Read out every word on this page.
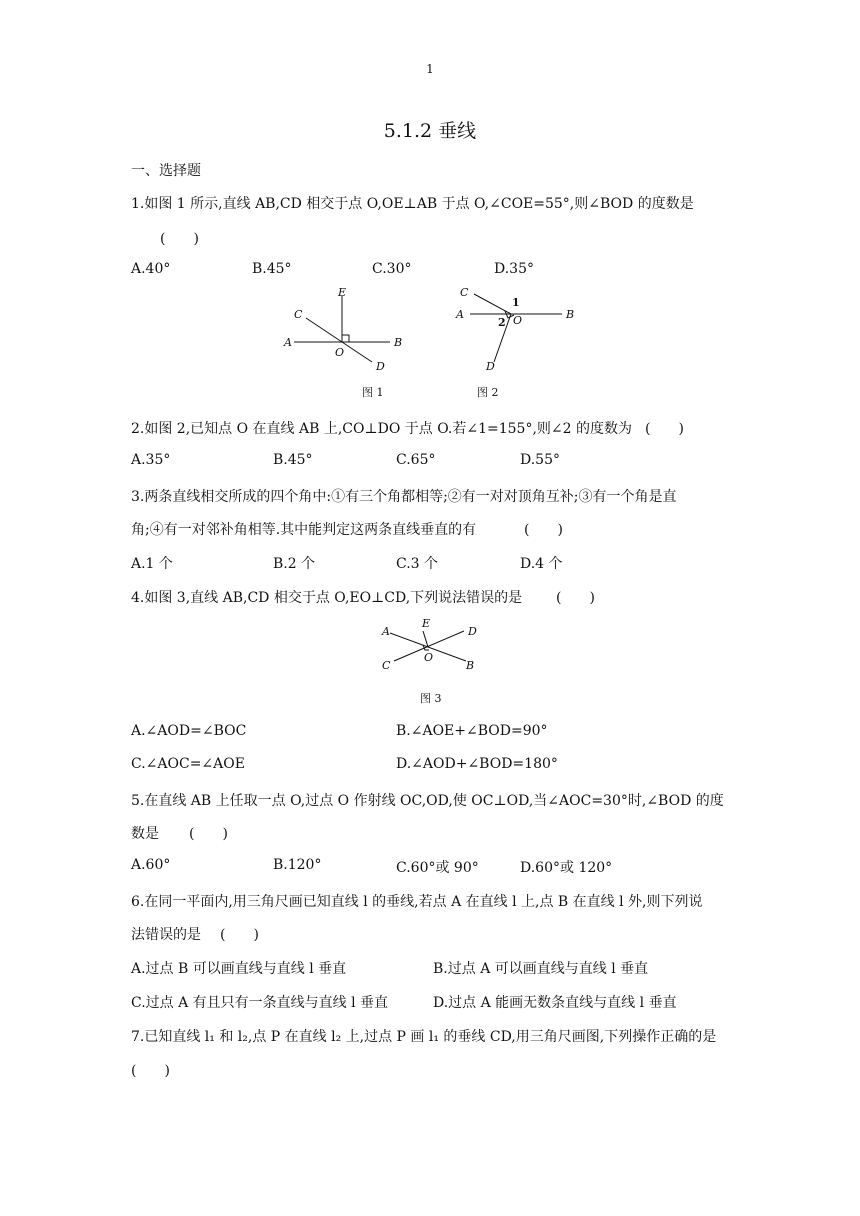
1
5.1.2 垂线
一、选择题
1.如图 1 所示,直线 AB,CD 相交于点 O,OE⊥AB 于点 O,∠COE=55°,则∠BOD 的度数是
(　　)
A.40°	B.45°	C.30°	D.35°
E
C
A
O
B
D
图 1
C
1
A
2 O	B
D
图 2
2.如图 2,已知点 O 在直线 AB 上,CO⊥DO 于点 O.若∠1=155°,则∠2 的度数为 (　　)
A.35°	B.45°	C.65°	D.55°
3.两条直线相交所成的四个角中:①有三个角都相等;②有一对对顶角互补;③有一个角是直
角;④有一对邻补角相等.其中能判定这两条直线垂直的有	(　　)
A.1 个	B.2 个	C.3 个	D.4 个
4.如图 3,直线 AB,CD 相交于点 O,EO⊥CD,下列说法错误的是 (　　)
A
E
D
C
O
B
图 3
A.∠AOD=∠BOC	B.∠AOE+∠BOD=90°
C.∠AOC=∠AOE	D.∠AOD+∠BOD=180°
5.在直线 AB 上任取一点 O,过点 O 作射线 OC,OD,使 OC⊥OD,当∠AOC=30°时,∠BOD 的度
数是 (　　)
A.60°	B.120°	C.60°或 90°	D.60°或 120°
6.在同一平面内,用三角尺画已知直线 l 的垂线,若点 A 在直线 l 上,点 B 在直线 l 外,则下列说
法错误的是 (　　)
A.过点 B 可以画直线与直线 l 垂直	B.过点 A 可以画直线与直线 l 垂直
C.过点 A 有且只有一条直线与直线 l 垂直	D.过点 A 能画无数条直线与直线 l 垂直
7.已知直线 l₁ 和 l₂,点 P 在直线 l₂ 上,过点 P 画 l₁ 的垂线 CD,用三角尺画图,下列操作正确的是
(　　)
